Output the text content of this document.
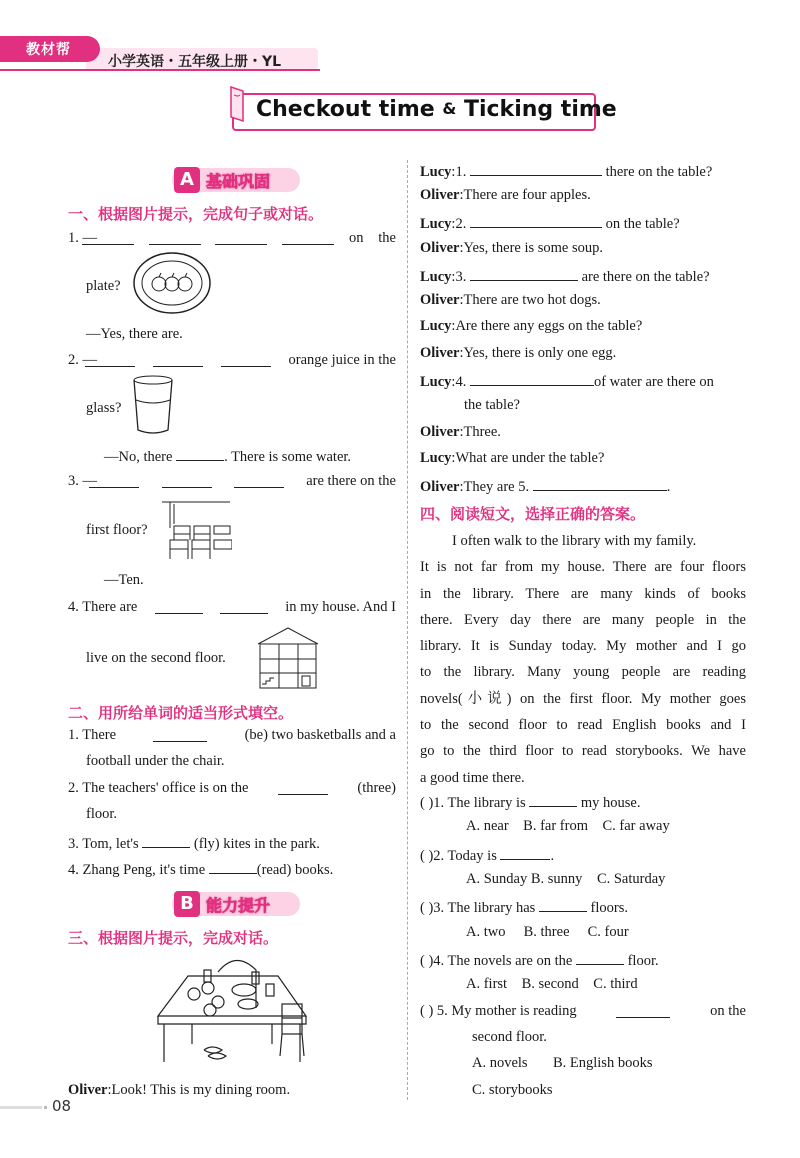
教材帮
小学英语・五年级上册・YL
Checkout time & Ticking time
A 基础巩固
一、根据图片提示，完成句子或对话。
1. —	on the
plate?
—Yes, there are.
2. —	orange juice in the
glass?
—No, there	. There is some water.
3. —	are there on the
first floor?
—Ten.
4. There are	in my house. And I
live on the second floor.
二、用所给单词的适当形式填空。
1. There	(be) two basketballs and a
football under the chair.
2. The teachers' office is on the	(three)
floor.
3. Tom, let's	(fly) kites in the park.
4. Zhang Peng, it's time	(read) books.
B 能力提升
三、根据图片提示，完成对话。
Oliver:Look! This is my dining room.
Lucy:1.	there on the table?
Oliver:There are four apples.
Lucy:2.	on the table?
Oliver:Yes, there is some soup.
Lucy:3.	are there on the table?
Oliver:There are two hot dogs.
Lucy:Are there any eggs on the table?
Oliver:Yes, there is only one egg.
Lucy:4.	of water are there on
the table?
Oliver:Three.
Lucy:What are under the table?
Oliver:They are 5.	.
四、阅读短文，选择正确的答案。
I often walk to the library with my family.
It is not far from my house. There are four floors
in the library. There are many kinds of books
there. Every day there are many people in the
library. It is Sunday today. My mother and I go
to the library. Many young people are reading
novels(小说) on the first floor. My mother goes
to the second floor to read English books and I
go to the third floor to read storybooks. We have
a good time there.
( )1. The library is	my house.
A. near B. far from C. far away
( )2. Today is	.
A. Sunday B. sunny C. Saturday
( )3. The library has	floors.
A. two B. three C. four
( )4. The novels are on the	floor.
A. first B. second C. third
( ) 5. My mother is reading	on the
second floor.
A. novels B. English books
C. storybooks
08
